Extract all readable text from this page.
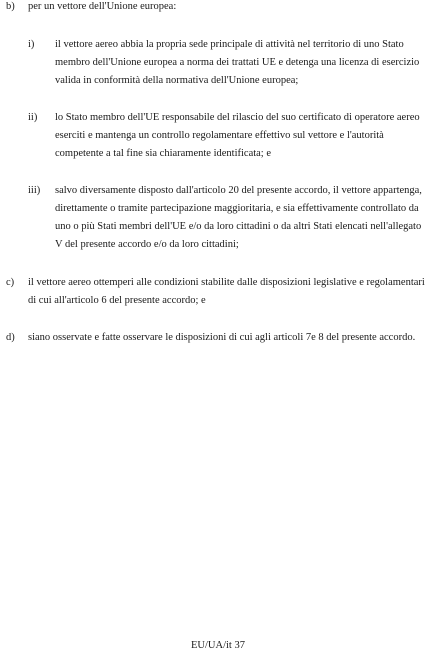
b) per un vettore dell'Unione europea:
i) il vettore aereo abbia la propria sede principale di attività nel territorio di uno Stato
membro dell'Unione europea a norma dei trattati UE e detenga una licenza di esercizio
valida in conformità della normativa dell'Unione europea;
ii) lo Stato membro dell'UE responsabile del rilascio del suo certificato di operatore aereo
eserciti e mantenga un controllo regolamentare effettivo sul vettore e l'autorità
competente a tal fine sia chiaramente identificata; e
iii) salvo diversamente disposto dall'articolo 20 del presente accordo, il vettore appartenga,
direttamente o tramite partecipazione maggioritaria, e sia effettivamente controllato da
uno o più Stati membri dell'UE e/o da loro cittadini o da altri Stati elencati nell'allegato
V del presente accordo e/o da loro cittadini;
c) il vettore aereo ottemperi alle condizioni stabilite dalle disposizioni legislative e regolamentari
di cui all'articolo 6 del presente accordo; e
d) siano osservate e fatte osservare le disposizioni di cui agli articoli 7e 8 del presente accordo.
EU/UA/it 37
